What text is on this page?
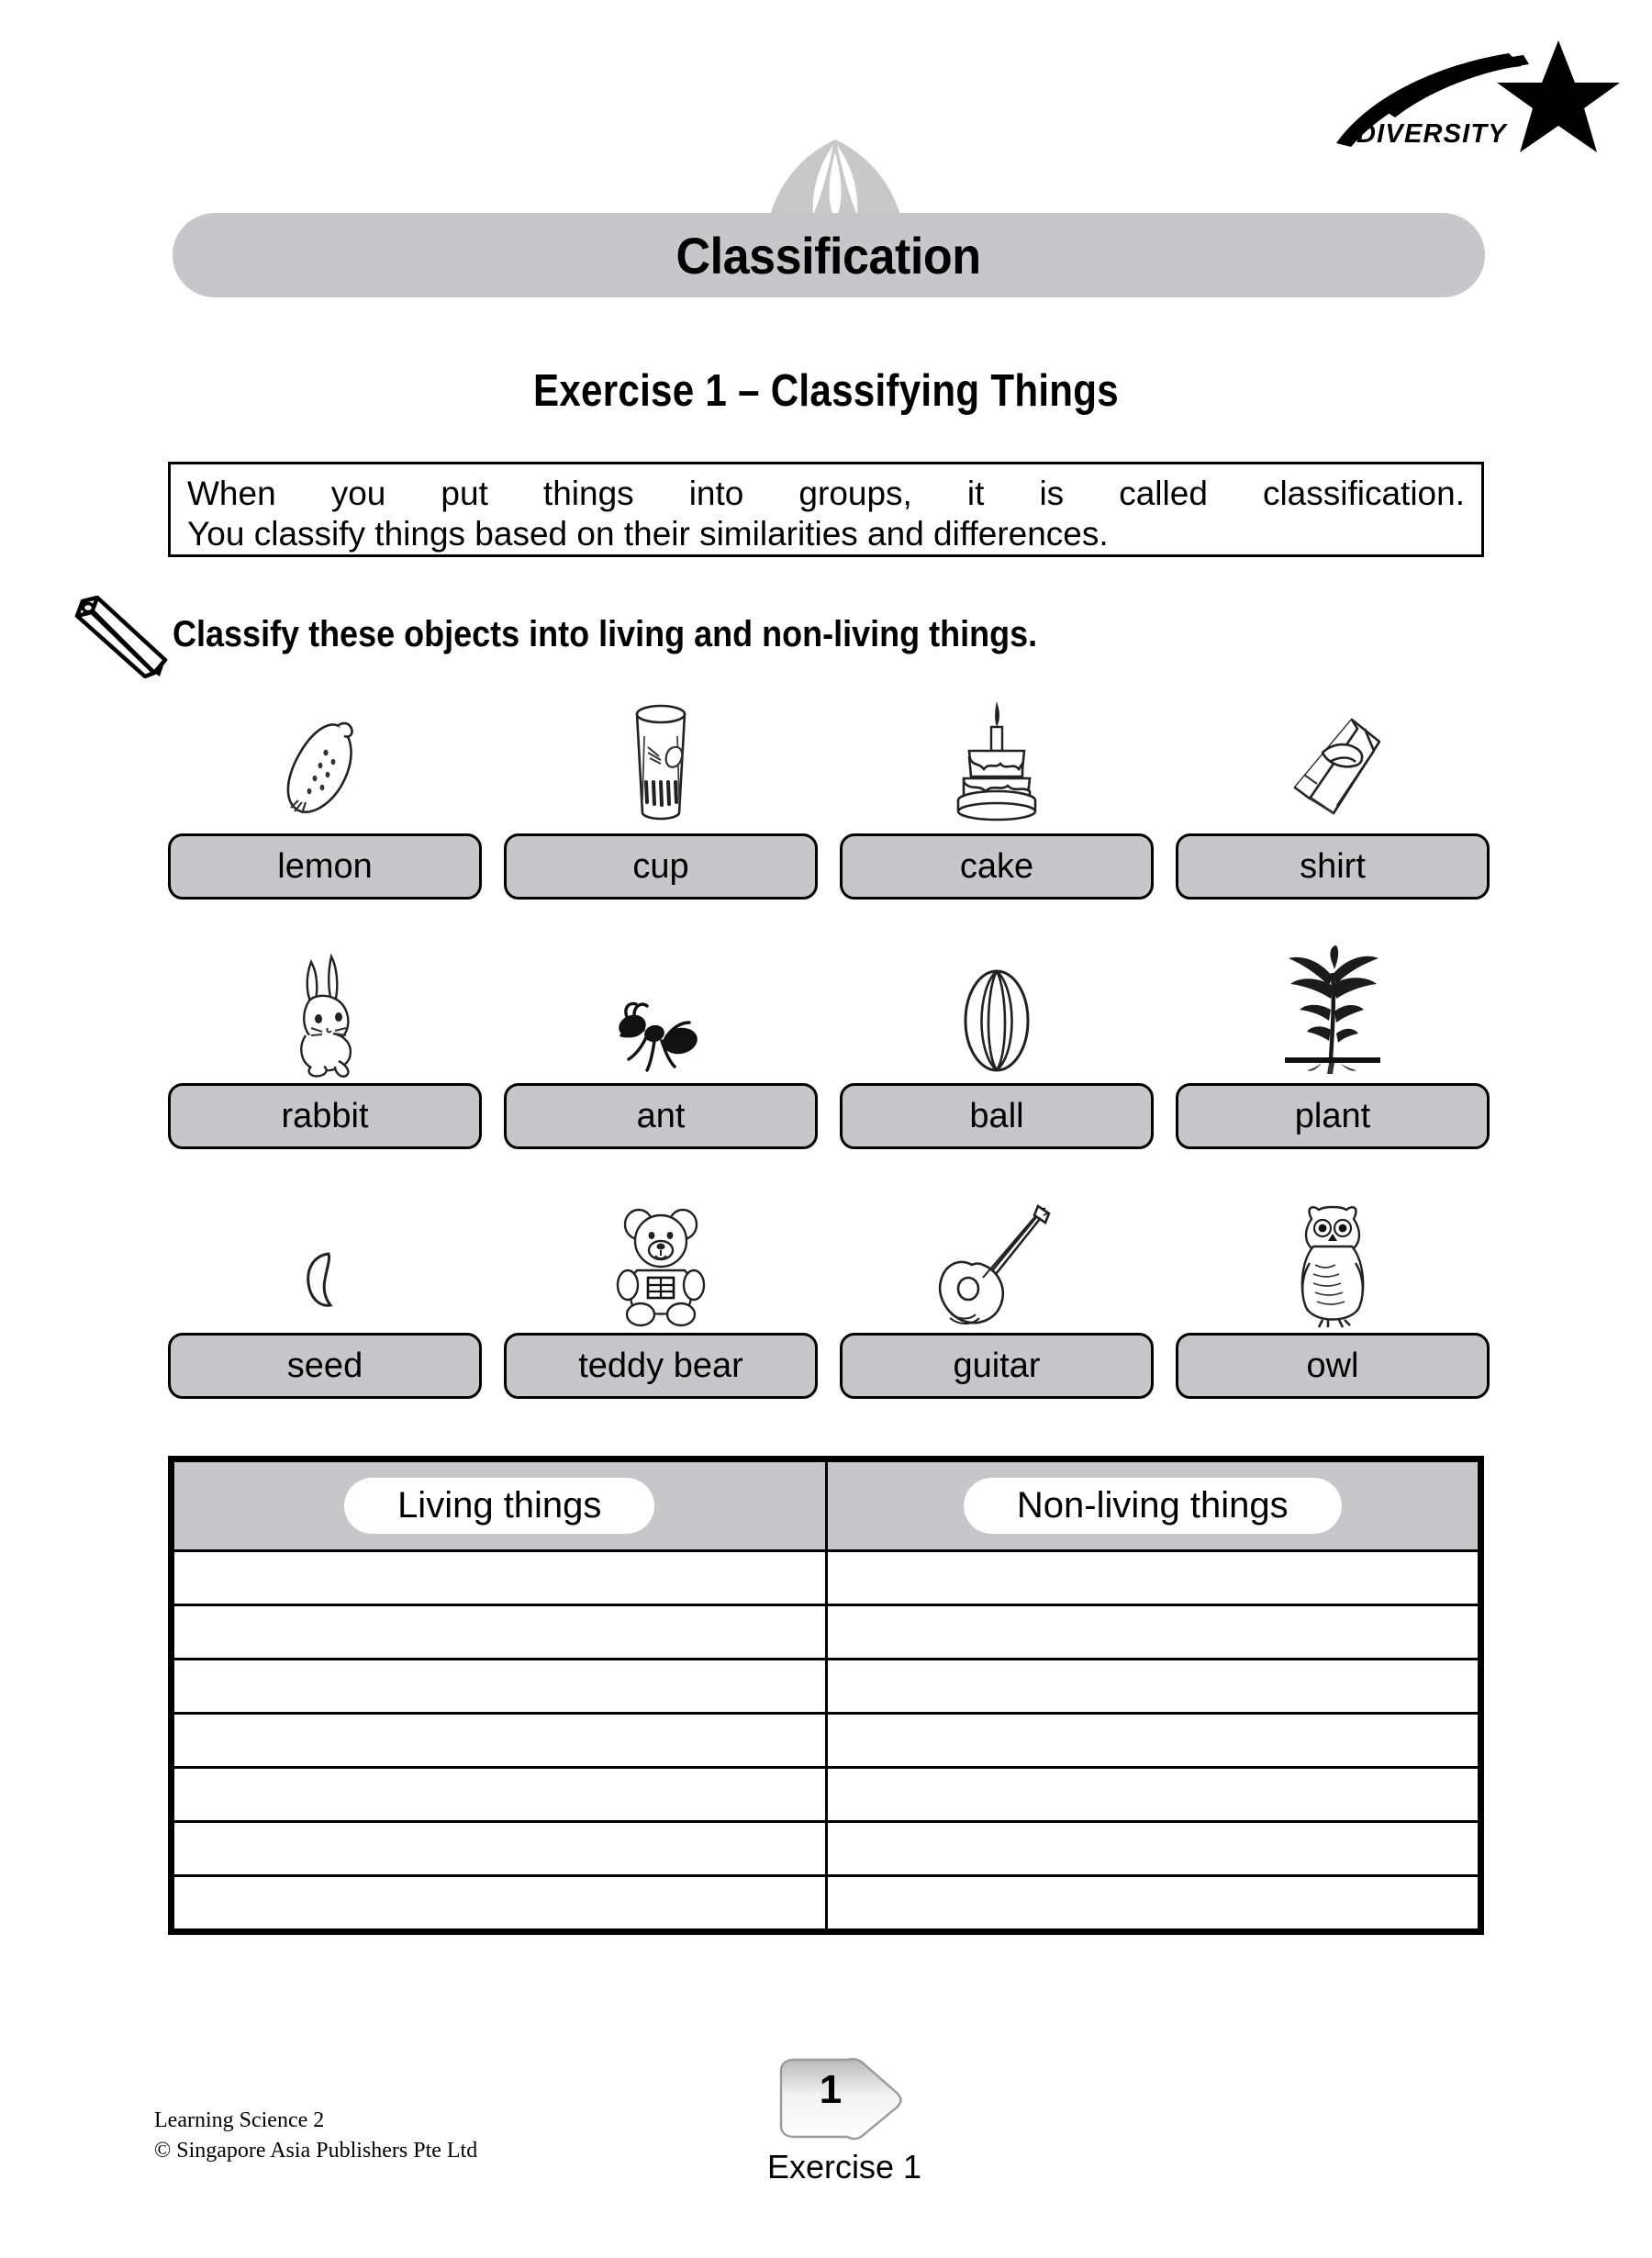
DIVERSITY
Classification
Exercise 1 – Classifying Things

When you put things into groups, it is called classification.

You classify things based on their similarities and differences.

Classify these objects into living and non-living things.
lemon	cup	cake	shirt
rabbit	ant	ball	plant
seed	teddy bear	guitar	owl
Living things	Non-living things

Learning Science 2
© Singapore Asia Publishers Pte Ltd
1
Exercise 1
